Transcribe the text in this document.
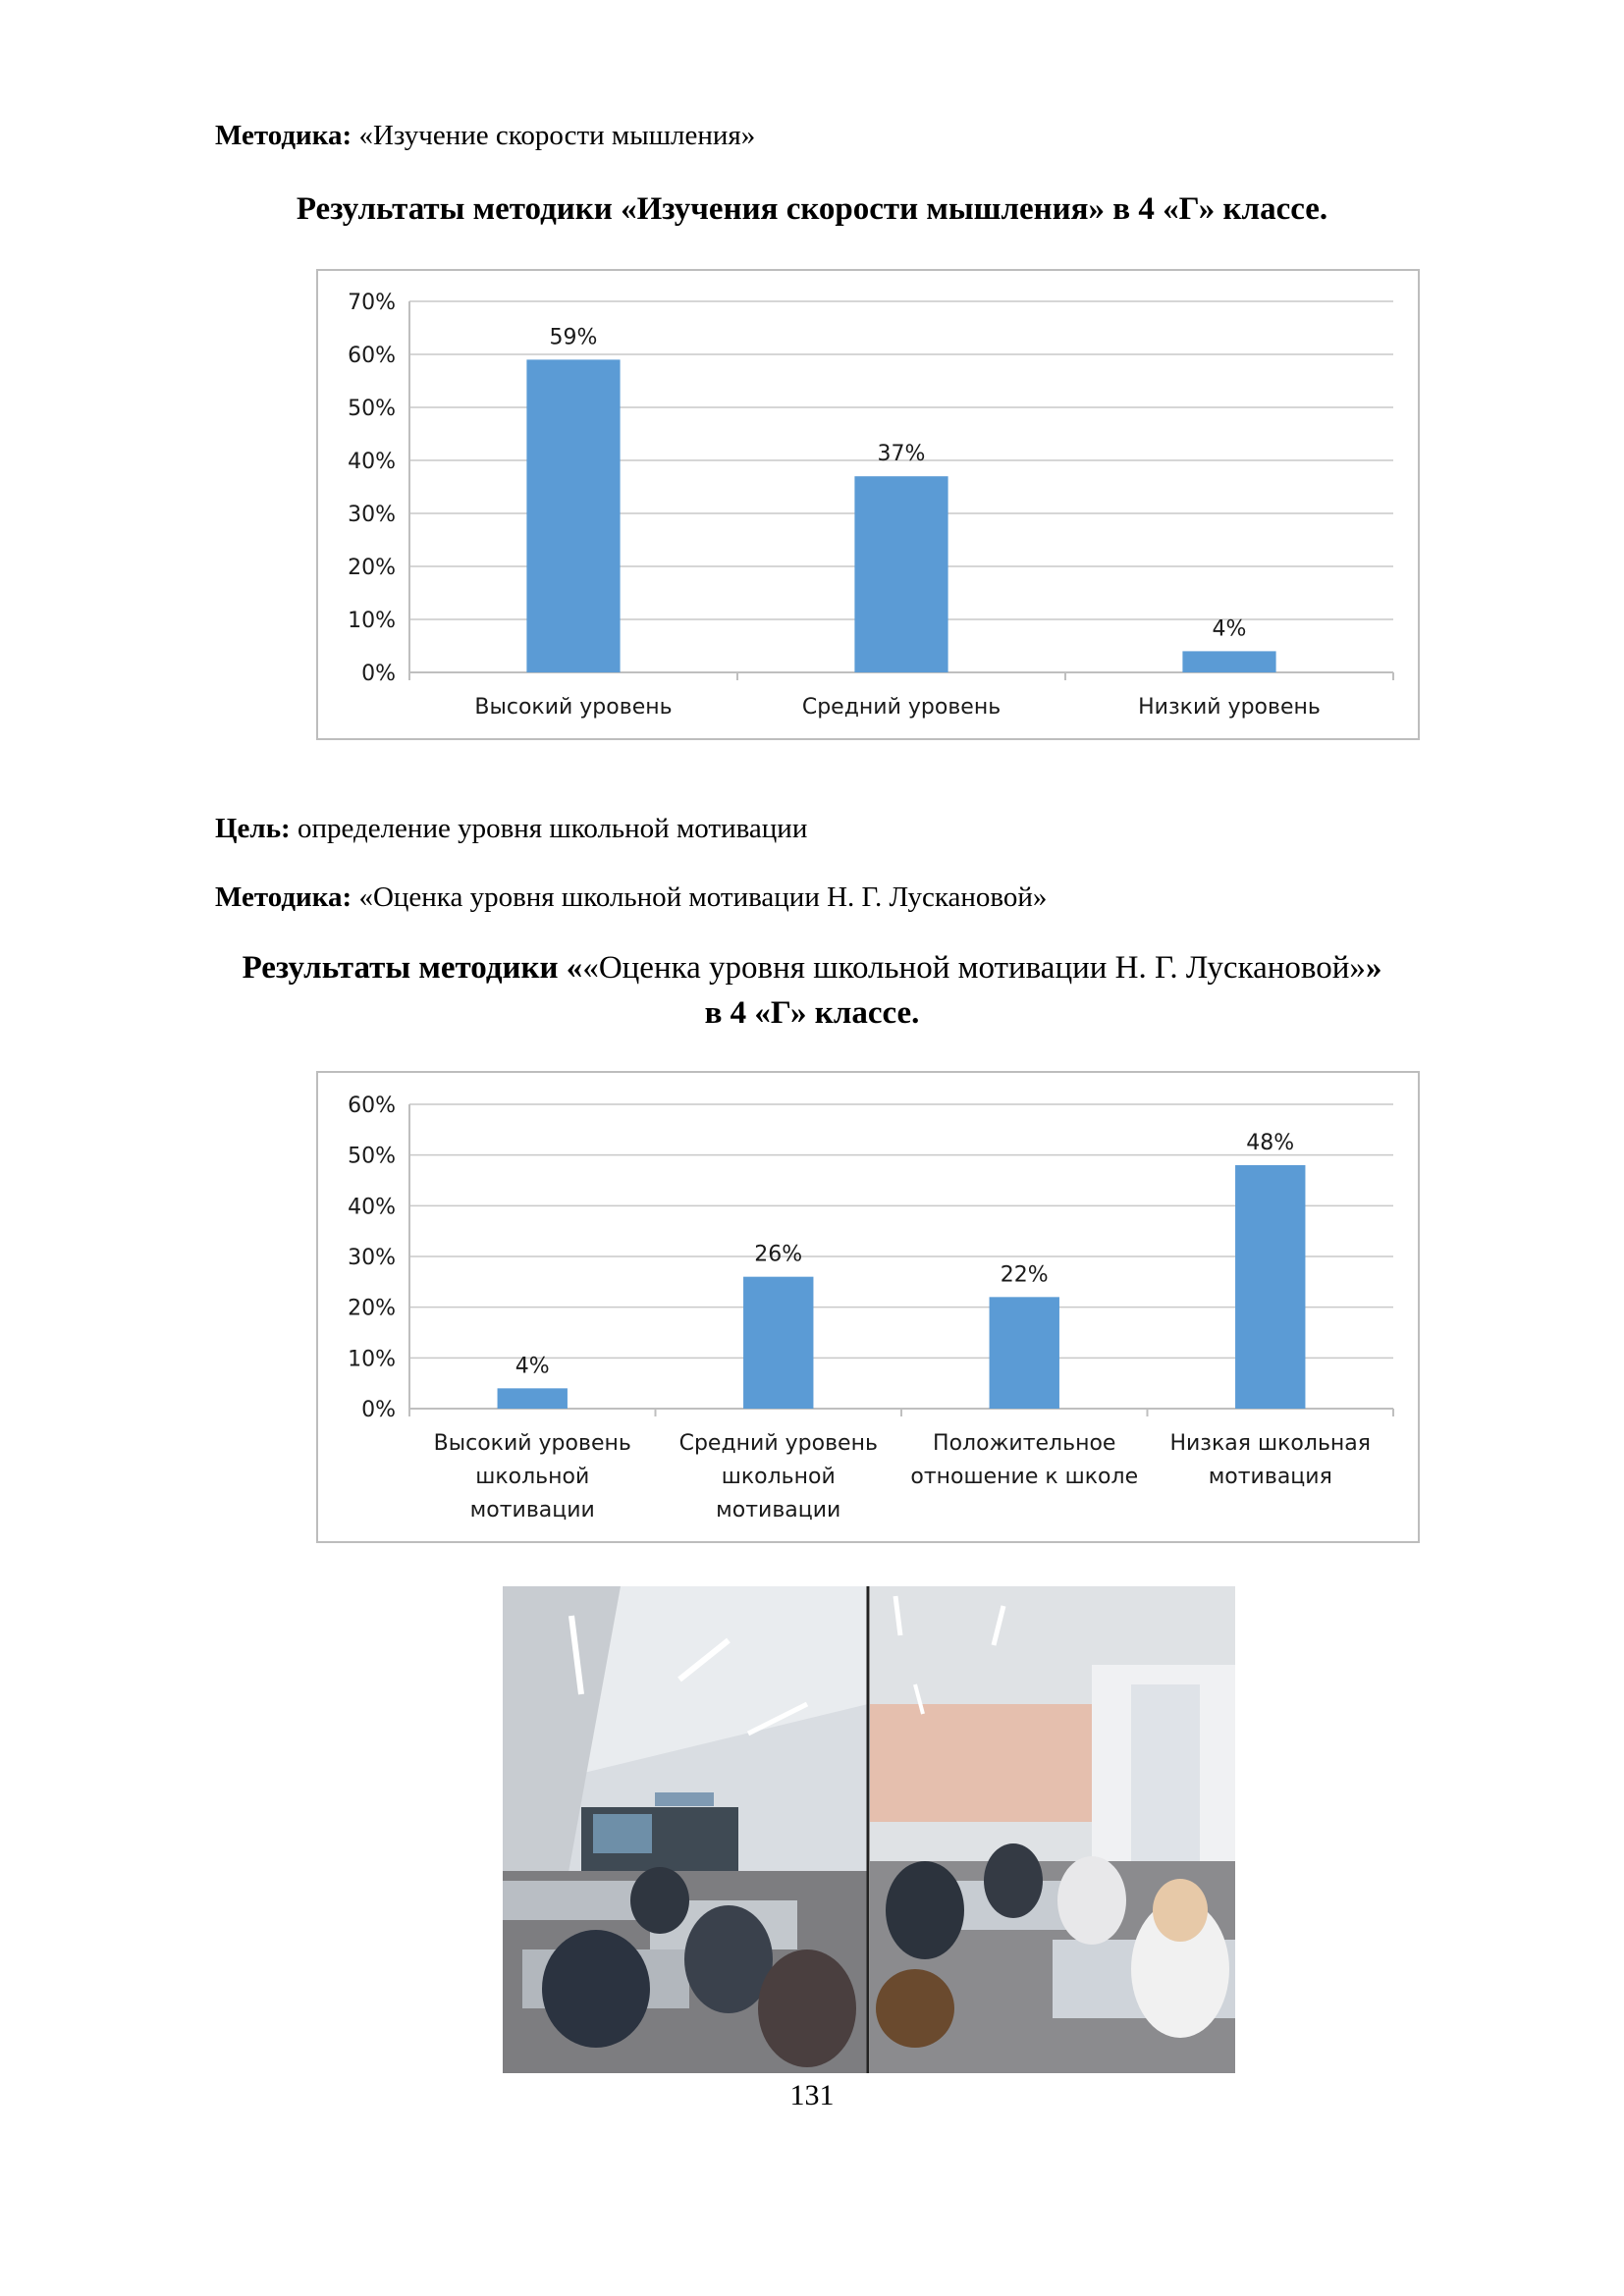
Методика: «Изучение скорости мышления»
Результаты методики «Изучения скорости мышления» в 4 «Г» классе.
0%
10%
20%
30%
40%
50%
60%
70%
59%
Высокий уровень
37%
Средний уровень
4%
Низкий уровень
Цель: определение уровня школьной мотивации
Методика: «Оценка уровня школьной мотивации Н. Г. Лускановой»
Результаты методики ««Оценка уровня школьной мотивации Н. Г. Лускановой»»
в 4 «Г» классе.
0%
10%
20%
30%
40%
50%
60%
4%
Высокий уровень
школьной
мотивации
26%
Средний уровень
школьной
мотивации
22%
Положительное
отношение к школе
48%
Низкая школьная
мотивация
131
